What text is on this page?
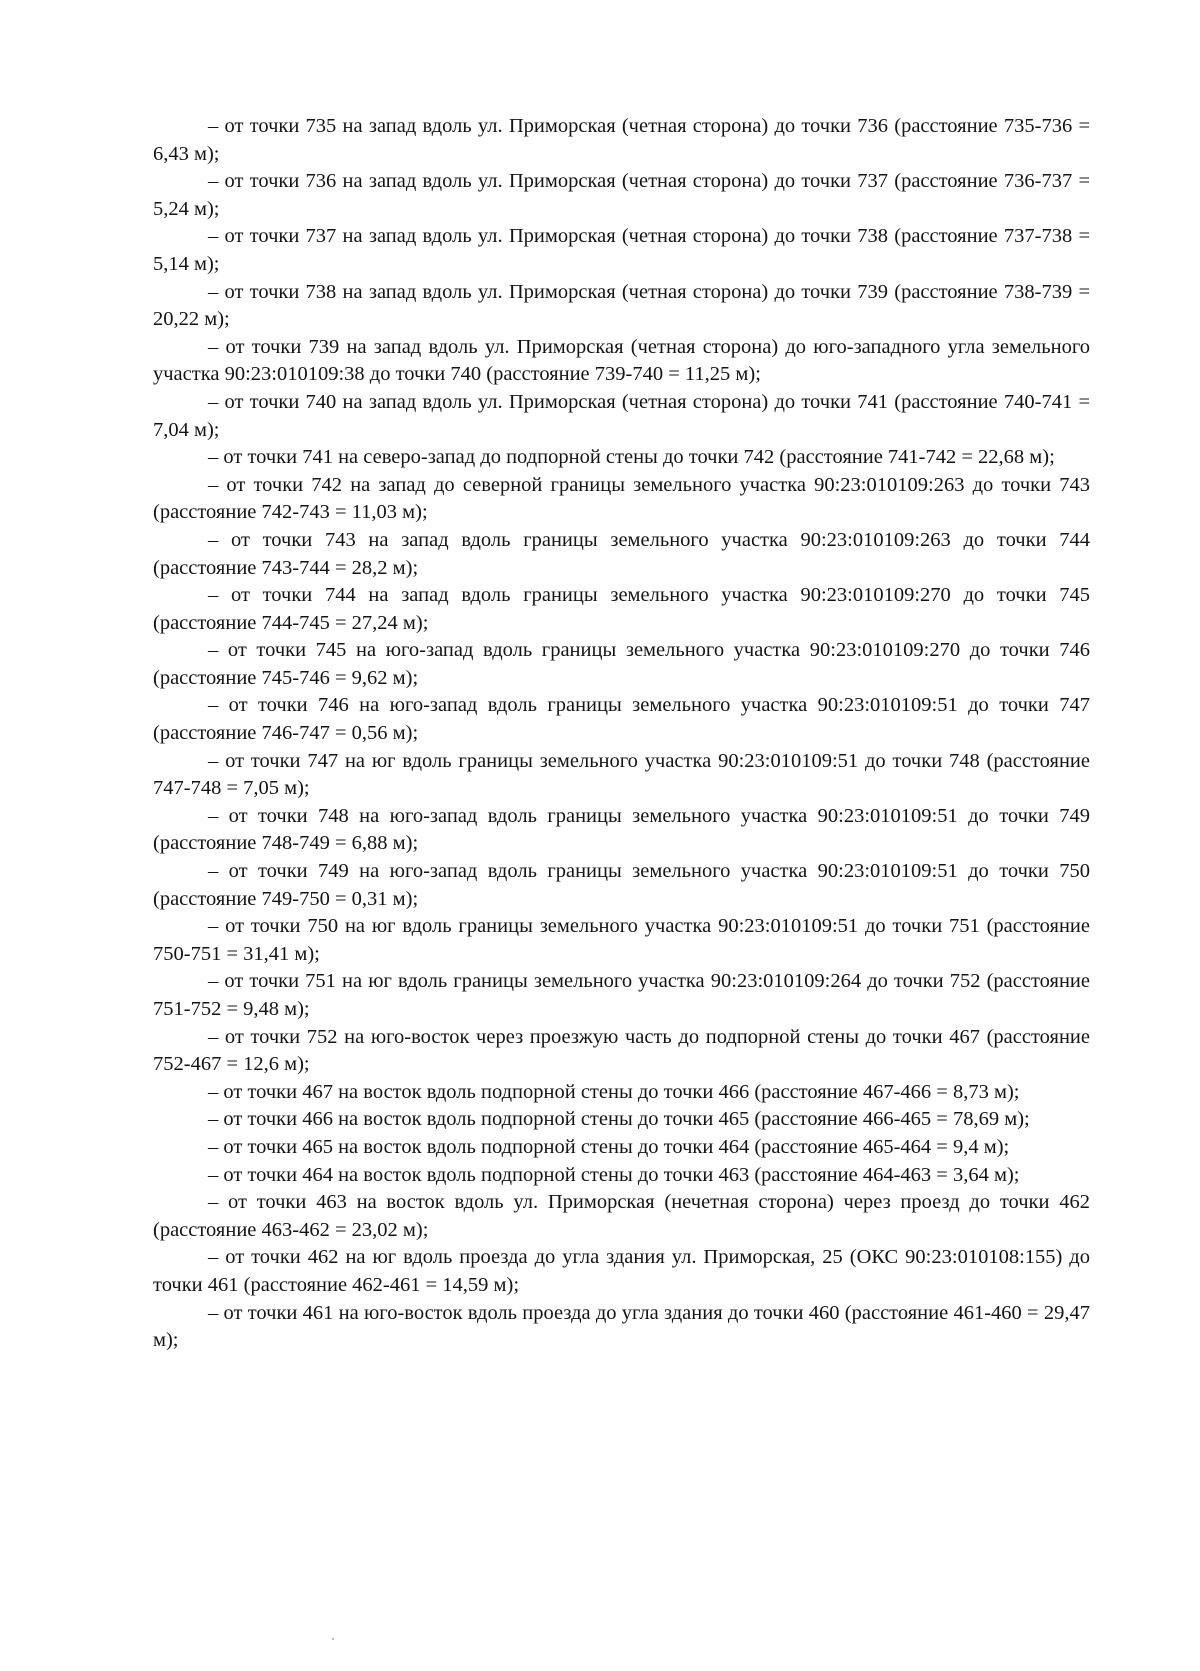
– от точки 735 на запад вдоль ул. Приморская (четная сторона) до точки 736 (расстояние 735-736 = 6,43 м);

– от точки 736 на запад вдоль ул. Приморская (четная сторона) до точки 737 (расстояние 736-737 = 5,24 м);

– от точки 737 на запад вдоль ул. Приморская (четная сторона) до точки 738 (расстояние 737-738 = 5,14 м);

– от точки 738 на запад вдоль ул. Приморская (четная сторона) до точки 739 (расстояние 738-739 = 20,22 м);

– от точки 739 на запад вдоль ул. Приморская (четная сторона) до юго-западного угла земельного участка 90:23:010109:38 до точки 740 (расстояние 739-740 = 11,25 м);

– от точки 740 на запад вдоль ул. Приморская (четная сторона) до точки 741 (расстояние 740-741 = 7,04 м);

– от точки 741 на северо-запад до подпорной стены до точки 742 (расстояние 741-742 = 22,68 м);

– от точки 742 на запад до северной границы земельного участка 90:23:010109:263 до точки 743 (расстояние 742-743 = 11,03 м);

– от точки 743 на запад вдоль границы земельного участка 90:23:010109:263 до точки 744 (расстояние 743-744 = 28,2 м);

– от точки 744 на запад вдоль границы земельного участка 90:23:010109:270 до точки 745 (расстояние 744-745 = 27,24 м);

– от точки 745 на юго-запад вдоль границы земельного участка 90:23:010109:270 до точки 746 (расстояние 745-746 = 9,62 м);

– от точки 746 на юго-запад вдоль границы земельного участка 90:23:010109:51 до точки 747 (расстояние 746-747 = 0,56 м);

– от точки 747 на юг вдоль границы земельного участка 90:23:010109:51 до точки 748 (расстояние 747-748 = 7,05 м);

– от точки 748 на юго-запад вдоль границы земельного участка 90:23:010109:51 до точки 749 (расстояние 748-749 = 6,88 м);

– от точки 749 на юго-запад вдоль границы земельного участка 90:23:010109:51 до точки 750 (расстояние 749-750 = 0,31 м);

– от точки 750 на юг вдоль границы земельного участка 90:23:010109:51 до точки 751 (расстояние 750-751 = 31,41 м);

– от точки 751 на юг вдоль границы земельного участка 90:23:010109:264 до точки 752 (расстояние 751-752 = 9,48 м);

– от точки 752 на юго-восток через проезжую часть до подпорной стены до точки 467 (расстояние 752-467 = 12,6 м);

– от точки 467 на восток вдоль подпорной стены до точки 466 (расстояние 467-466 = 8,73 м);

– от точки 466 на восток вдоль подпорной стены до точки 465 (расстояние 466-465 = 78,69 м);

– от точки 465 на восток вдоль подпорной стены до точки 464 (расстояние 465-464 = 9,4 м);

– от точки 464 на восток вдоль подпорной стены до точки 463 (расстояние 464-463 = 3,64 м);

– от точки 463 на восток вдоль ул. Приморская (нечетная сторона) через проезд до точки 462 (расстояние 463-462 = 23,02 м);

– от точки 462 на юг вдоль проезда до угла здания ул. Приморская, 25 (ОКС 90:23:010108:155) до точки 461 (расстояние 462-461 = 14,59 м);

– от точки 461 на юго-восток вдоль проезда до угла здания до точки 460 (расстояние 461-460 = 29,47 м);
